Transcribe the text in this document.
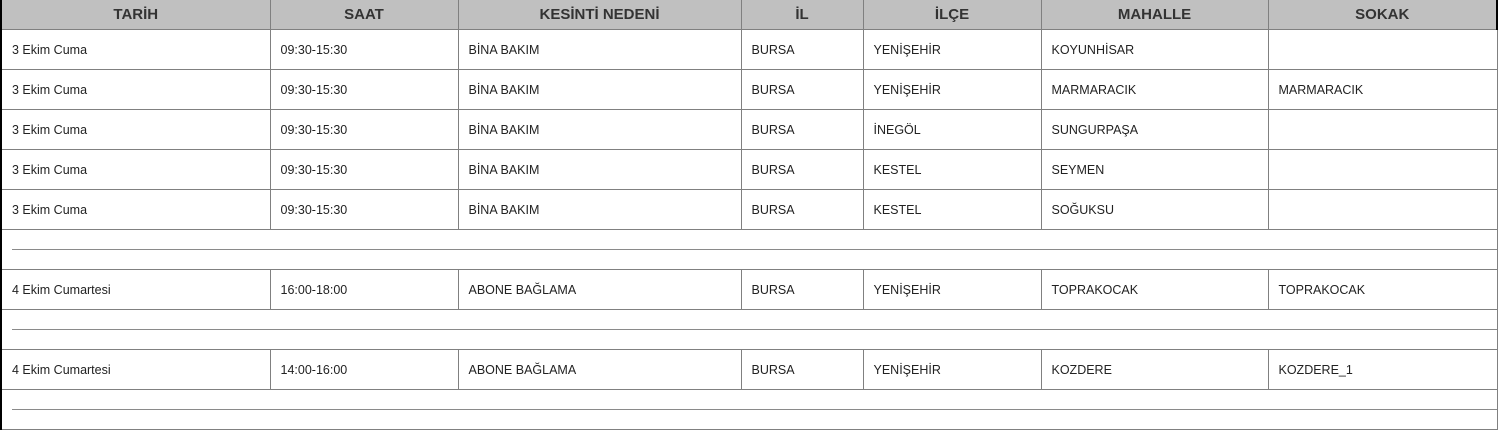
TARİH	SAAT	KESİNTİ NEDENİ	İL	İLÇE	MAHALLE	SOKAK
3 Ekim Cuma	09:30-15:30	BİNA BAKIM	BURSA	YENİŞEHİR	KOYUNHİSAR	
3 Ekim Cuma	09:30-15:30	BİNA BAKIM	BURSA	YENİŞEHİR	MARMARACIK	MARMARACIK
3 Ekim Cuma	09:30-15:30	BİNA BAKIM	BURSA	İNEGÖL	SUNGURPAŞA	
3 Ekim Cuma	09:30-15:30	BİNA BAKIM	BURSA	KESTEL	SEYMEN	
3 Ekim Cuma	09:30-15:30	BİNA BAKIM	BURSA	KESTEL	SOĞUKSU	

4 Ekim Cumartesi	16:00-18:00	ABONE BAĞLAMA	BURSA	YENİŞEHİR	TOPRAKOCAK	TOPRAKOCAK

4 Ekim Cumartesi	14:00-16:00	ABONE BAĞLAMA	BURSA	YENİŞEHİR	KOZDERE	KOZDERE_1
